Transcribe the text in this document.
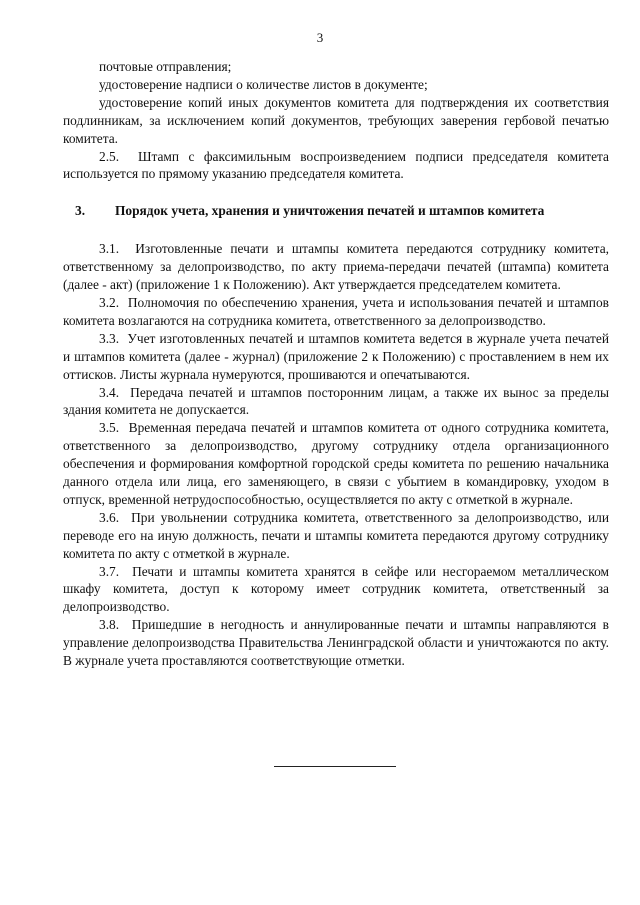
3

почтовые отправления;

удостоверение надписи о количестве листов в документе;

удостоверение копий иных документов комитета для подтверждения их соответствия подлинникам, за исключением копий документов, требующих заверения гербовой печатью комитета.

2.5.  Штамп с факсимильным воспроизведением подписи председателя комитета используется по прямому указанию председателя комитета.

3.	Порядок учета, хранения и уничтожения печатей и штампов комитета

3.1.  Изготовленные печати и штампы комитета передаются сотруднику комитета, ответственному за делопроизводство, по акту приема-передачи печатей (штампа) комитета (далее - акт) (приложение 1 к Положению). Акт утверждается председателем комитета.

3.2.  Полномочия по обеспечению хранения, учета и использования печатей и штампов комитета возлагаются на сотрудника комитета, ответственного за делопроизводство.

3.3.  Учет изготовленных печатей и штампов комитета ведется в журнале учета печатей и штампов комитета (далее - журнал) (приложение 2 к Положению) с проставлением в нем их оттисков. Листы журнала нумеруются, прошиваются и опечатываются.

3.4.  Передача печатей и штампов посторонним лицам, а также их вынос за пределы здания комитета не допускается.

3.5.  Временная передача печатей и штампов комитета от одного сотрудника комитета, ответственного за делопроизводство, другому сотруднику отдела организационного обеспечения и формирования комфортной городской среды комитета по решению начальника данного отдела или лица, его заменяющего, в связи с убытием в командировку, уходом в отпуск, временной нетрудоспособностью, осуществляется по акту с отметкой в журнале.

3.6.  При увольнении сотрудника комитета, ответственного за делопроизводство, или переводе его на иную должность, печати и штампы комитета передаются другому сотруднику комитета по акту с отметкой в журнале.

3.7.  Печати и штампы комитета хранятся в сейфе или несгораемом металлическом шкафу комитета, доступ к которому имеет сотрудник комитета, ответственный за делопроизводство.

3.8.  Пришедшие в негодность и аннулированные печати и штампы направляются в управление делопроизводства Правительства Ленинградской области и уничтожаются по акту. В журнале учета проставляются соответствующие отметки.
